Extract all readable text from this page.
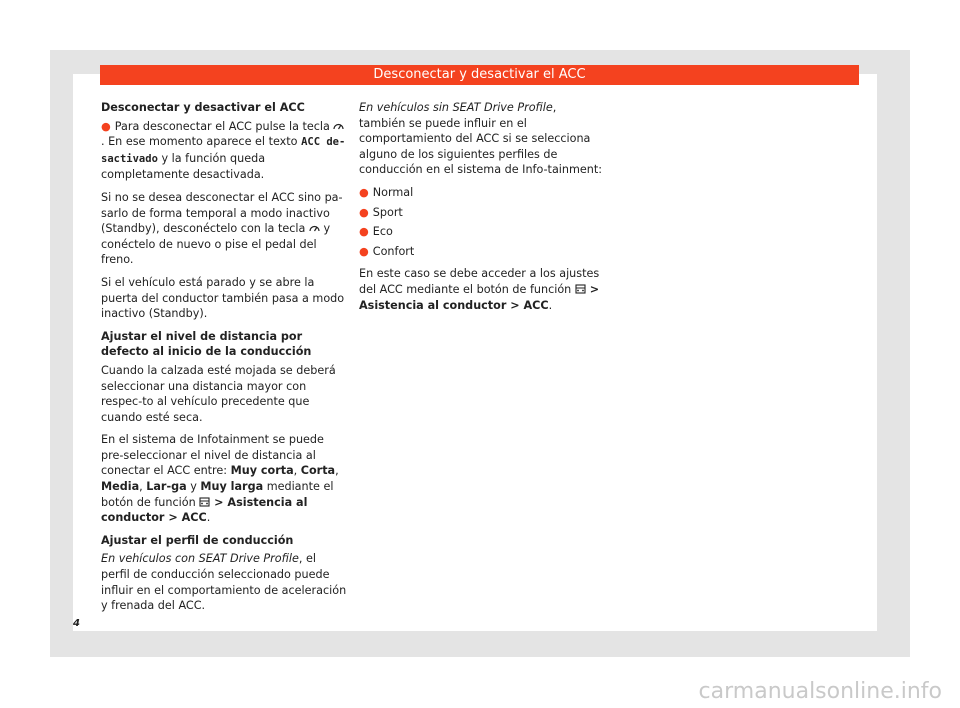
Desconectar y desactivar el ACC
Desconectar y desactivar el ACC

● Para desconectar el ACC pulse la tecla . En ese momento aparece el texto ACC de-sactivado y la función queda completamente desactivada.

Si no se desea desconectar el ACC sino pa-sarlo de forma temporal a modo inactivo (Standby), desconéctelo con la tecla  y conéctelo de nuevo o pise el pedal del freno.

Si el vehículo está parado y se abre la puerta del conductor también pasa a modo inactivo (Standby).

Ajustar el nivel de distancia por defecto al inicio de la conducción

Cuando la calzada esté mojada se deberá seleccionar una distancia mayor con respec-to al vehículo precedente que cuando esté seca.

En el sistema de Infotainment se puede pre-seleccionar el nivel de distancia al conectar el ACC entre: Muy corta, Corta, Media, Lar-ga y Muy larga mediante el botón de función  > Asistencia al conductor > ACC.

Ajustar el perfil de conducción

En vehículos con SEAT Drive Profile, el perfil de conducción seleccionado puede influir en el comportamiento de aceleración y frenada del ACC.

En vehículos sin SEAT Drive Profile, también se puede influir en el comportamiento del ACC si se selecciona alguno de los siguientes perfiles de conducción en el sistema de Info-tainment:

● Normal
● Sport
● Eco
● Confort

En este caso se debe acceder a los ajustes del ACC mediante el botón de función  > Asistencia al conductor > ACC.

4
carmanualsonline.info
